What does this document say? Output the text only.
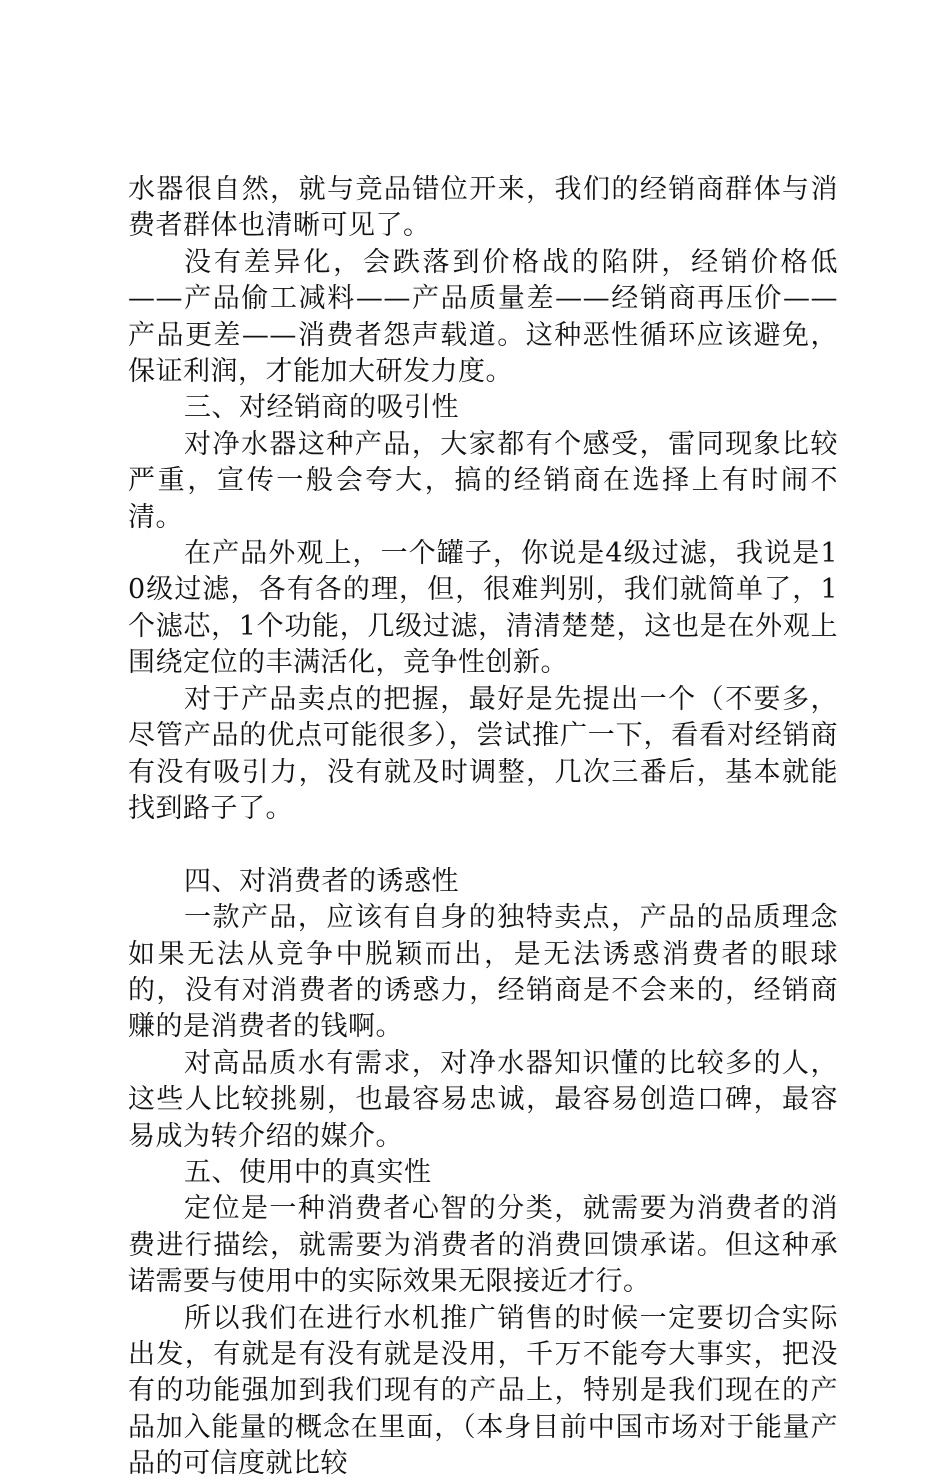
水器很自然，就与竞品错位开来，我们的经销商群体与消费者群体也清晰可见了。

没有差异化，会跌落到价格战的陷阱，经销价格低——产品偷工减料——产品质量差——经销商再压价——产品更差——消费者怨声载道。这种恶性循环应该避免，保证利润，才能加大研发力度。

三、对经销商的吸引性

对净水器这种产品，大家都有个感受，雷同现象比较严重，宣传一般会夸大，搞的经销商在选择上有时闹不清。

在产品外观上，一个罐子，你说是4级过滤，我说是10级过滤，各有各的理，但，很难判别，我们就简单了，1个滤芯，1个功能，几级过滤，清清楚楚，这也是在外观上围绕定位的丰满活化，竞争性创新。

对于产品卖点的把握，最好是先提出一个（不要多，尽管产品的优点可能很多），尝试推广一下，看看对经销商有没有吸引力，没有就及时调整，几次三番后，基本就能找到路子了。

四、对消费者的诱惑性

一款产品，应该有自身的独特卖点，产品的品质理念如果无法从竞争中脱颖而出，是无法诱惑消费者的眼球的，没有对消费者的诱惑力，经销商是不会来的，经销商赚的是消费者的钱啊。

对高品质水有需求，对净水器知识懂的比较多的人，这些人比较挑剔，也最容易忠诚，最容易创造口碑，最容易成为转介绍的媒介。

五、使用中的真实性

定位是一种消费者心智的分类，就需要为消费者的消费进行描绘，就需要为消费者的消费回馈承诺。但这种承诺需要与使用中的实际效果无限接近才行。

所以我们在进行水机推广销售的时候一定要切合实际出发，有就是有没有就是没用，千万不能夸大事实，把没有的功能强加到我们现有的产品上，特别是我们现在的产品加入能量的概念在里面，（本身目前中国市场对于能量产品的可信度就比较
